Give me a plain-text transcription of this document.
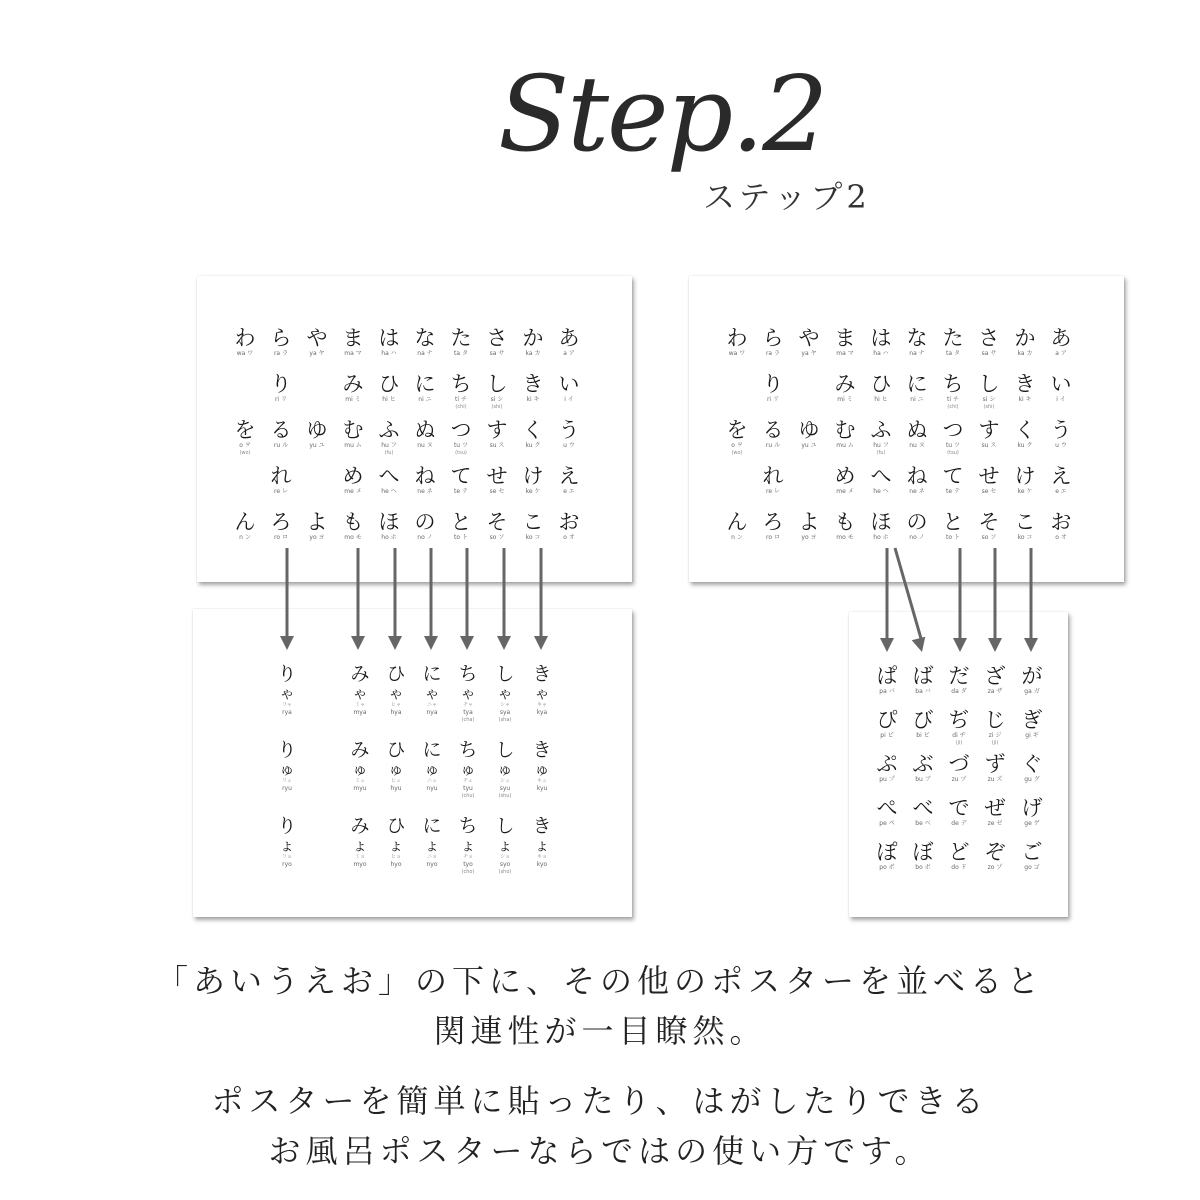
Step.2
ステップ2
わ
wa ワ
ら
ra ラ
や
ya ヤ
ま
ma マ
は
ha ハ
な
na ナ
た
ta タ
さ
sa サ
か
ka カ
あ
a ア
り
ri リ
み
mi ミ
ひ
hi ヒ
に
ni ニ
ち
ti チ
(chi)
し
si シ
(shi)
き
ki キ
い
i イ
を
o ヲ
(wo)
る
ru ル
ゆ
yu ユ
む
mu ム
ふ
hu フ
(fu)
ぬ
nu ヌ
つ
tu ツ
(tsu)
す
su ス
く
ku ク
う
u ウ
れ
re レ
め
me メ
へ
he ヘ
ね
ne ネ
て
te テ
せ
se セ
け
ke ケ
え
e エ
ん
n ン
ろ
ro ロ
よ
yo ヨ
も
mo モ
ほ
ho ホ
の
no ノ
と
to ト
そ
so ソ
こ
ko コ
お
o オ
わ
wa ワ
ら
ra ラ
や
ya ヤ
ま
ma マ
は
ha ハ
な
na ナ
た
ta タ
さ
sa サ
か
ka カ
あ
a ア
り
ri リ
み
mi ミ
ひ
hi ヒ
に
ni ニ
ち
ti チ
(chi)
し
si シ
(shi)
き
ki キ
い
i イ
を
o ヲ
(wo)
る
ru ル
ゆ
yu ユ
む
mu ム
ふ
hu フ
(fu)
ぬ
nu ヌ
つ
tu ツ
(tsu)
す
su ス
く
ku ク
う
u ウ
れ
re レ
め
me メ
へ
he ヘ
ね
ne ネ
て
te テ
せ
se セ
け
ke ケ
え
e エ
ん
n ン
ろ
ro ロ
よ
yo ヨ
も
mo モ
ほ
ho ホ
の
no ノ
と
to ト
そ
so ソ
こ
ko コ
お
o オ
り
ゃ
リャ
rya
み
ゃ
ミャ
mya
ひ
ゃ
ヒャ
hya
に
ゃ
ニャ
nya
ち
ゃ
チャ
tya
(cha)
し
ゃ
シャ
sya
(sha)
き
ゃ
キャ
kya
り
ゅ
リュ
ryu
み
ゅ
ミュ
myu
ひ
ゅ
ヒュ
hyu
に
ゅ
ニュ
nyu
ち
ゅ
チュ
tyu
(chu)
し
ゅ
シュ
syu
(shu)
き
ゅ
キュ
kyu
り
ょ
リョ
ryo
み
ょ
ミョ
myo
ひ
ょ
ヒョ
hyo
に
ょ
ニョ
nyo
ち
ょ
チョ
tyo
(cho)
し
ょ
ショ
syo
(sho)
き
ょ
キョ
kyo
ぱ
pa パ
ば
ba バ
だ
da ダ
ざ
za ザ
が
ga ガ
ぴ
pi ピ
び
bi ビ
ぢ
di ヂ
(ji)
じ
zi ジ
(ji)
ぎ
gi ギ
ぷ
pu プ
ぶ
bu ブ
づ
zu ヅ
ず
zu ズ
ぐ
gu グ
ぺ
pe ペ
べ
be ベ
で
de デ
ぜ
ze ゼ
げ
ge ゲ
ぽ
po ポ
ぼ
bo ボ
ど
do ド
ぞ
zo ゾ
ご
go ゴ
「あいうえお」の下に、その他のポスターを並べると
関連性が一目瞭然。
ポスターを簡単に貼ったり、はがしたりできる
お風呂ポスターならではの使い方です。
